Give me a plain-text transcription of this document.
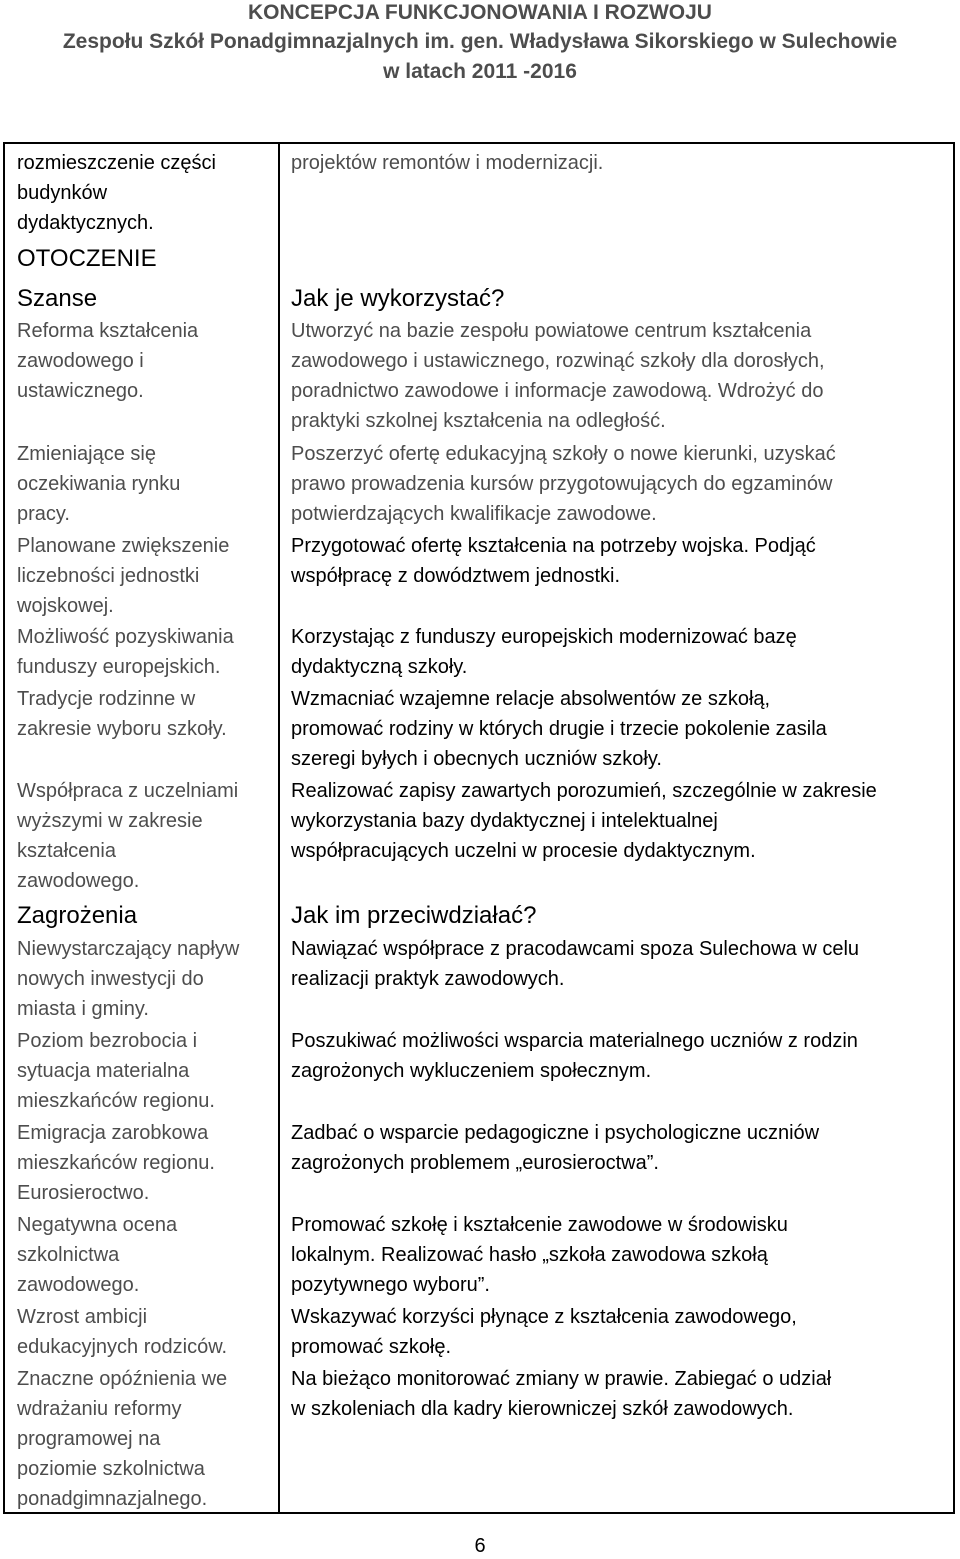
KONCEPCJA FUNKCJONOWANIA I ROZWOJU
Zespołu Szkół Ponadgimnazjalnych im. gen. Władysława Sikorskiego w Sulechowie
w latach 2011 -2016
rozmieszczenie części
budynków
dydaktycznych.
OTOCZENIE
Szanse
Reforma kształcenia
zawodowego i
ustawicznego.
Zmieniające się
oczekiwania rynku
pracy.
Planowane zwiększenie
liczebności jednostki
wojskowej.
Możliwość pozyskiwania
funduszy europejskich.
Tradycje rodzinne w
zakresie wyboru szkoły.
Współpraca z uczelniami
wyższymi w zakresie
kształcenia
zawodowego.
Zagrożenia
Niewystarczający napływ
nowych inwestycji do
miasta i gminy.
Poziom bezrobocia i
sytuacja materialna
mieszkańców regionu.
Emigracja zarobkowa
mieszkańców regionu.
Eurosieroctwo.
Negatywna ocena
szkolnictwa
zawodowego.
Wzrost ambicji
edukacyjnych rodziców.
Znaczne opóźnienia we
wdrażaniu reformy
programowej na
poziomie szkolnictwa
ponadgimnazjalnego.
projektów remontów i modernizacji.
Jak je wykorzystać?
Utworzyć na bazie zespołu powiatowe centrum kształcenia
zawodowego i ustawicznego, rozwinąć szkoły dla dorosłych,
poradnictwo zawodowe i informacje zawodową. Wdrożyć do
praktyki szkolnej kształcenia na odległość.
Poszerzyć ofertę edukacyjną szkoły o nowe kierunki, uzyskać
prawo prowadzenia kursów przygotowujących do egzaminów
potwierdzających kwalifikacje zawodowe.
Przygotować ofertę kształcenia na potrzeby wojska. Podjąć
współpracę z dowództwem jednostki.
Korzystając z funduszy europejskich modernizować bazę
dydaktyczną szkoły.
Wzmacniać wzajemne relacje absolwentów ze szkołą,
promować rodziny w których drugie i trzecie pokolenie zasila
szeregi byłych i obecnych uczniów szkoły.
Realizować zapisy zawartych porozumień, szczególnie w zakresie
wykorzystania bazy dydaktycznej i intelektualnej
współpracujących uczelni w procesie dydaktycznym.
Jak im przeciwdziałać?
Nawiązać współprace z pracodawcami spoza Sulechowa w celu
realizacji praktyk zawodowych.
Poszukiwać możliwości wsparcia materialnego uczniów z rodzin
zagrożonych wykluczeniem społecznym.
Zadbać o wsparcie pedagogiczne i psychologiczne uczniów
zagrożonych problemem „eurosieroctwa”.
Promować szkołę i kształcenie zawodowe w środowisku
lokalnym. Realizować hasło „szkoła zawodowa szkołą
pozytywnego wyboru”.
Wskazywać korzyści płynące z kształcenia zawodowego,
promować szkołę.
Na bieżąco monitorować zmiany w prawie. Zabiegać o udział
w szkoleniach dla kadry kierowniczej szkół zawodowych.
6
